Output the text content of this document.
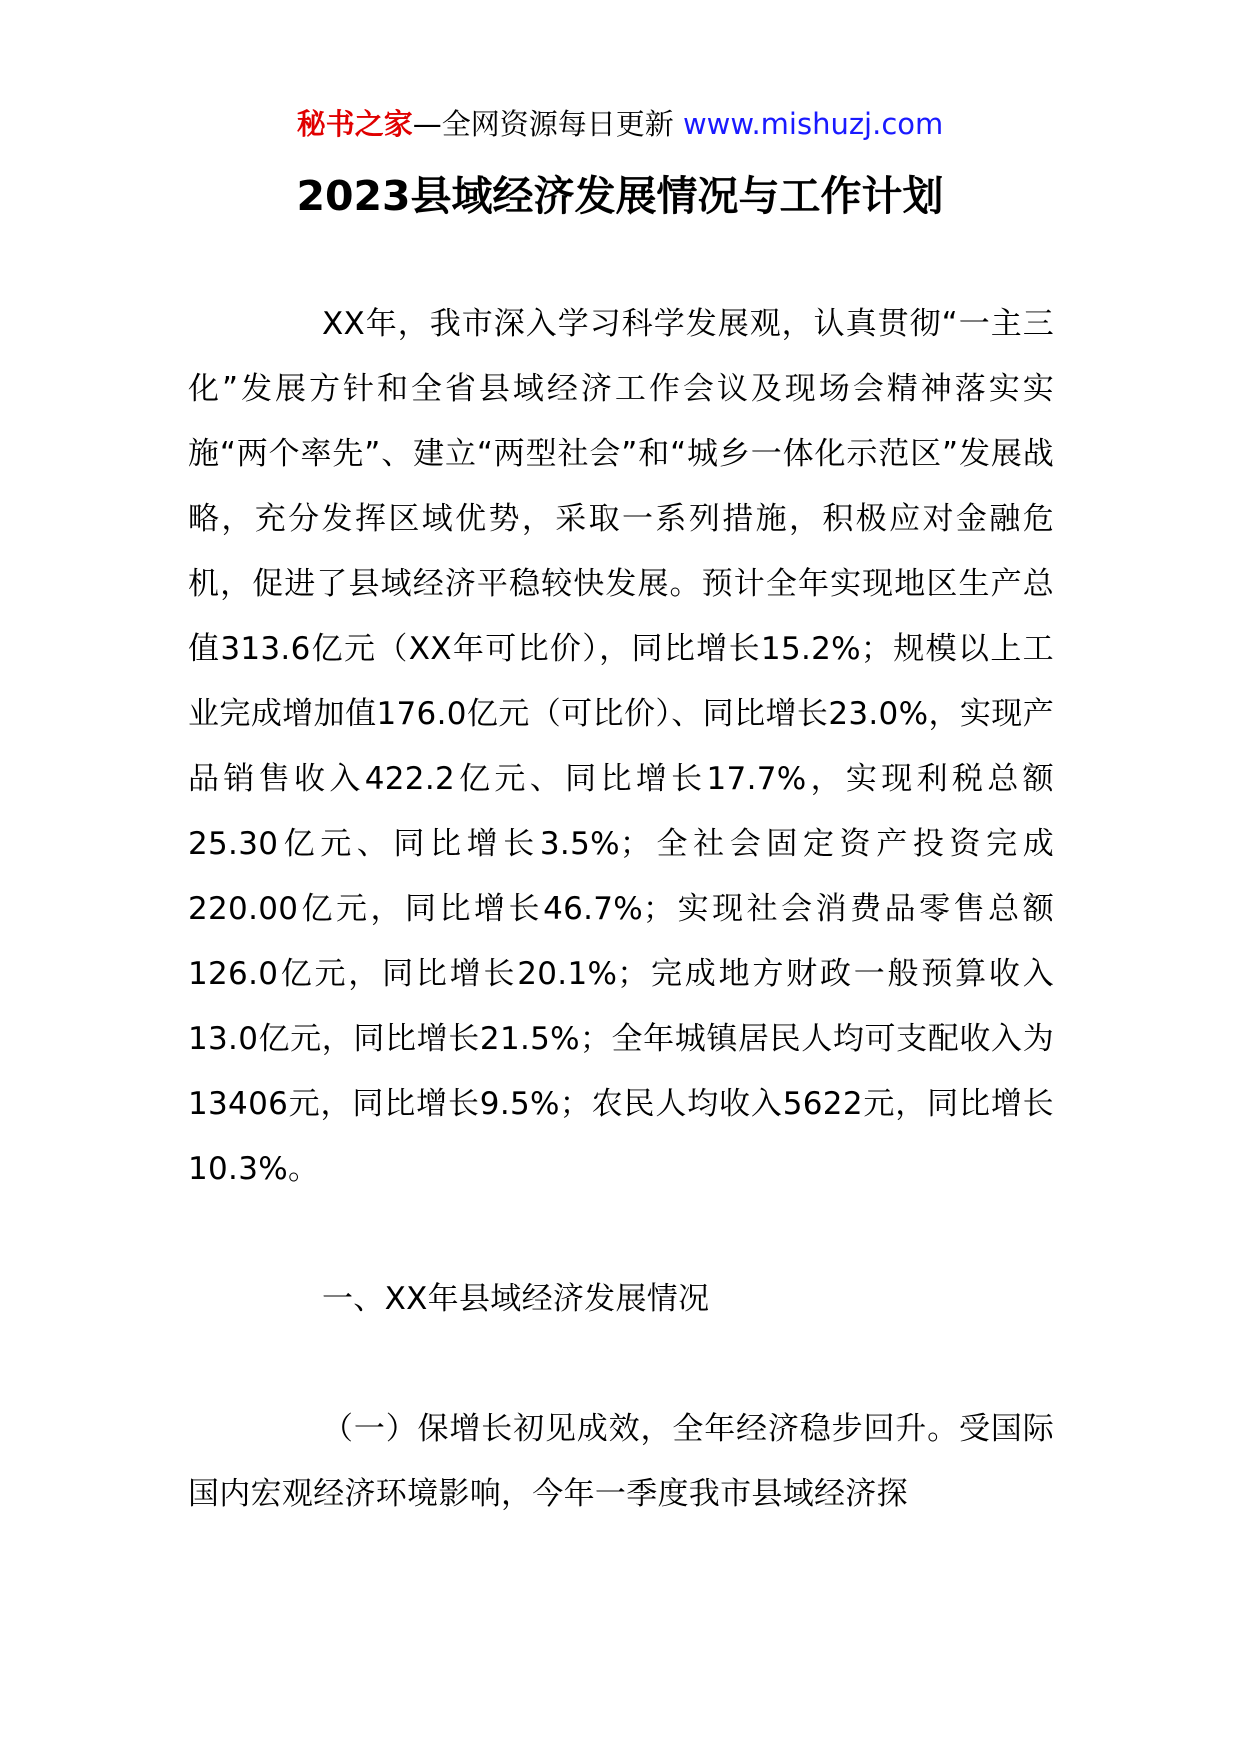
秘书之家—全网资源每日更新 www.mishuzj.com
2023县域经济发展情况与工作计划

XX年，我市深入学习科学发展观，认真贯彻“一主三化”发展方针和全省县域经济工作会议及现场会精神落实实施“两个率先”、建立“两型社会”和“城乡一体化示范区”发展战略，充分发挥区域优势，采取一系列措施，积极应对金融危机，促进了县域经济平稳较快发展。预计全年实现地区生产总值313.6亿元（XX年可比价），同比增长15.2%；规模以上工业完成增加值176.0亿元（可比价）、同比增长23.0%，实现产品销售收入422.2亿元、同比增长17.7%，实现利税总额25.30亿元、同比增长3.5%；全社会固定资产投资完成220.00亿元，同比增长46.7%；实现社会消费品零售总额126.0亿元，同比增长20.1%；完成地方财政一般预算收入13.0亿元，同比增长21.5%；全年城镇居民人均可支配收入为13406元，同比增长9.5%；农民人均收入5622元，同比增长10.3%。

一、XX年县域经济发展情况

（一）保增长初见成效，全年经济稳步回升。受国际国内宏观经济环境影响，今年一季度我市县域经济探
